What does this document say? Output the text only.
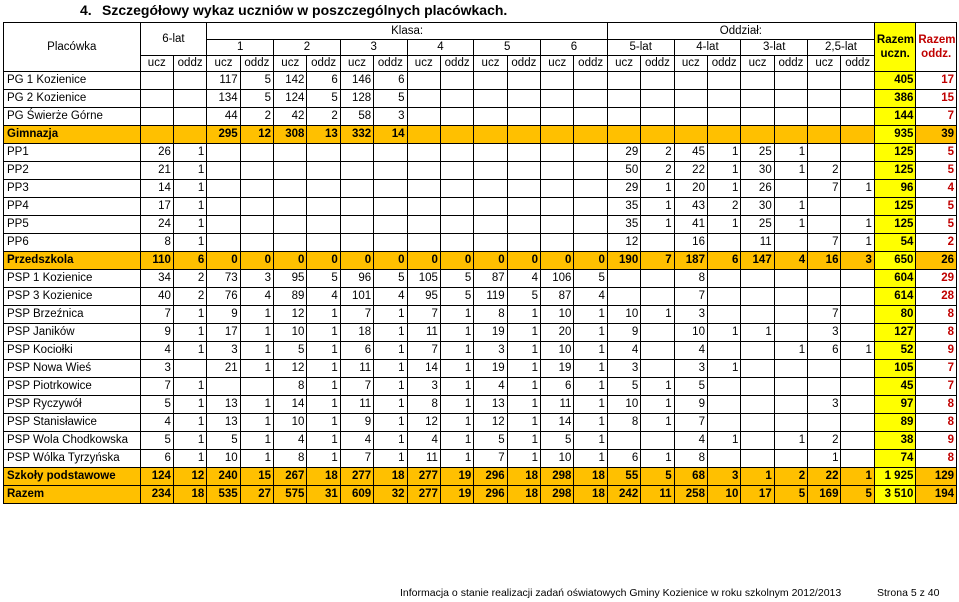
4. Szczegółowy wykaz uczniów w poszczególnych placówkach.
Placówka	6-lat		Klasa:												Oddział:								Razem uczn.	Razem oddz.
			1		2		3		4		5		6		5-lat		4-lat		3-lat		2,5-lat			
	ucz	oddz	ucz	oddz	ucz	oddz	ucz	oddz	ucz	oddz	ucz	oddz	ucz	oddz	ucz	oddz	ucz	oddz	ucz	oddz	ucz	oddz		
PG 1 Kozienice			117	5	142	6	146	6															405	17
PG 2 Kozienice			134	5	124	5	128	5															386	15
PG Świerże Górne			44	2	42	2	58	3															144	7
Gimnazja			295	12	308	13	332	14															935	39
PP1	26	1													29	2	45	1	25	1			125	5
PP2	21	1													50	2	22	1	30	1	2		125	5
PP3	14	1													29	1	20	1	26		7	1	96	4
PP4	17	1													35	1	43	2	30	1			125	5
PP5	24	1													35	1	41	1	25	1		1	125	5
PP6	8	1													12		16		11		7	1	54	2
Przedszkola	110	6	0	0	0	0	0	0	0	0	0	0	0	0	190	7	187	6	147	4	16	3	650	26
PSP 1 Kozienice	34	2	73	3	95	5	96	5	105	5	87	4	106	5			8						604	29
PSP 3 Kozienice	40	2	76	4	89	4	101	4	95	5	119	5	87	4			7						614	28
PSP Brzeźnica	7	1	9	1	12	1	7	1	7	1	8	1	10	1	10	1	3				7		80	8
PSP Janików	9	1	17	1	10	1	18	1	11	1	19	1	20	1	9		10	1	1		3		127	8
PSP Kociołki	4	1	3	1	5	1	6	1	7	1	3	1	10	1	4		4			1	6	1	52	9
PSP Nowa Wieś	3		21	1	12	1	11	1	14	1	19	1	19	1	3		3	1					105	7
PSP Piotrkowice	7	1			8	1	7	1	3	1	4	1	6	1	5	1	5						45	7
PSP Ryczywół	5	1	13	1	14	1	11	1	8	1	13	1	11	1	10	1	9				3		97	8
PSP Stanisławice	4	1	13	1	10	1	9	1	12	1	12	1	14	1	8	1	7						89	8
PSP Wola Chodkowska	5	1	5	1	4	1	4	1	4	1	5	1	5	1			4	1		1	2		38	9
PSP Wólka Tyrzyńska	6	1	10	1	8	1	7	1	11	1	7	1	10	1	6	1	8				1		74	8
Szkoły podstawowe	124	12	240	15	267	18	277	18	277	19	296	18	298	18	55	5	68	3	1	2	22	1	1 925	129
Razem	234	18	535	27	575	31	609	32	277	19	296	18	298	18	242	11	258	10	17	5	169	5	3 510	194
Informacja o stanie realizacji zadań oświatowych Gminy Kozienice w roku szkolnym 2012/2013	Strona 5 z 40
